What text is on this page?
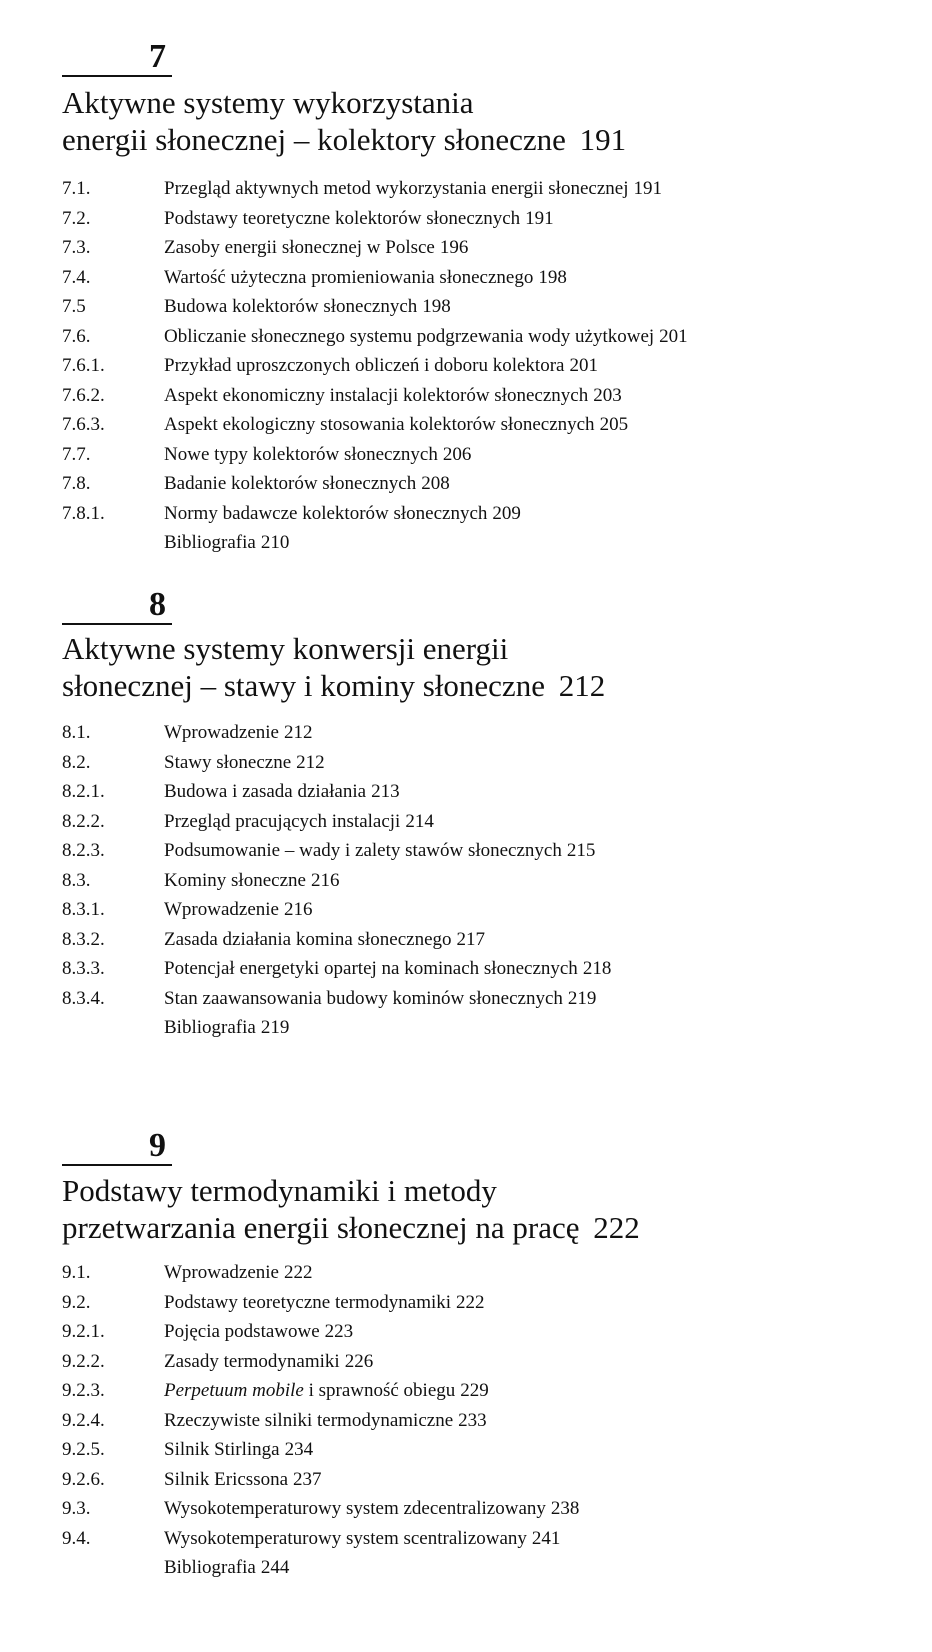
7
Aktywne systemy wykorzystania
energii słonecznej – kolektory słoneczne 191
7.1.	Przegląd aktywnych metod wykorzystania energii słonecznej 191
7.2.	Podstawy teoretyczne kolektorów słonecznych 191
7.3.	Zasoby energii słonecznej w Polsce 196
7.4.	Wartość użyteczna promieniowania słonecznego 198
7.5	Budowa kolektorów słonecznych 198
7.6.	Obliczanie słonecznego systemu podgrzewania wody użytkowej 201
7.6.1.	Przykład uproszczonych obliczeń i doboru kolektora 201
7.6.2.	Aspekt ekonomiczny instalacji kolektorów słonecznych 203
7.6.3.	Aspekt ekologiczny stosowania kolektorów słonecznych 205
7.7.	Nowe typy kolektorów słonecznych 206
7.8.	Badanie kolektorów słonecznych 208
7.8.1.	Normy badawcze kolektorów słonecznych 209
Bibliografia 210
8
Aktywne systemy konwersji energii
słonecznej – stawy i kominy słoneczne 212
8.1.	Wprowadzenie 212
8.2.	Stawy słoneczne 212
8.2.1.	Budowa i zasada działania 213
8.2.2.	Przegląd pracujących instalacji 214
8.2.3.	Podsumowanie – wady i zalety stawów słonecznych 215
8.3.	Kominy słoneczne 216
8.3.1.	Wprowadzenie 216
8.3.2.	Zasada działania komina słonecznego 217
8.3.3.	Potencjał energetyki opartej na kominach słonecznych 218
8.3.4.	Stan zaawansowania budowy kominów słonecznych 219
Bibliografia 219
9
Podstawy termodynamiki i metody
przetwarzania energii słonecznej na pracę 222
9.1.	Wprowadzenie 222
9.2.	Podstawy teoretyczne termodynamiki 222
9.2.1.	Pojęcia podstawowe 223
9.2.2.	Zasady termodynamiki 226
9.2.3.	Perpetuum mobile i sprawność obiegu 229
9.2.4.	Rzeczywiste silniki termodynamiczne 233
9.2.5.	Silnik Stirlinga 234
9.2.6.	Silnik Ericssona 237
9.3.	Wysokotemperaturowy system zdecentralizowany 238
9.4.	Wysokotemperaturowy system scentralizowany 241
Bibliografia 244
